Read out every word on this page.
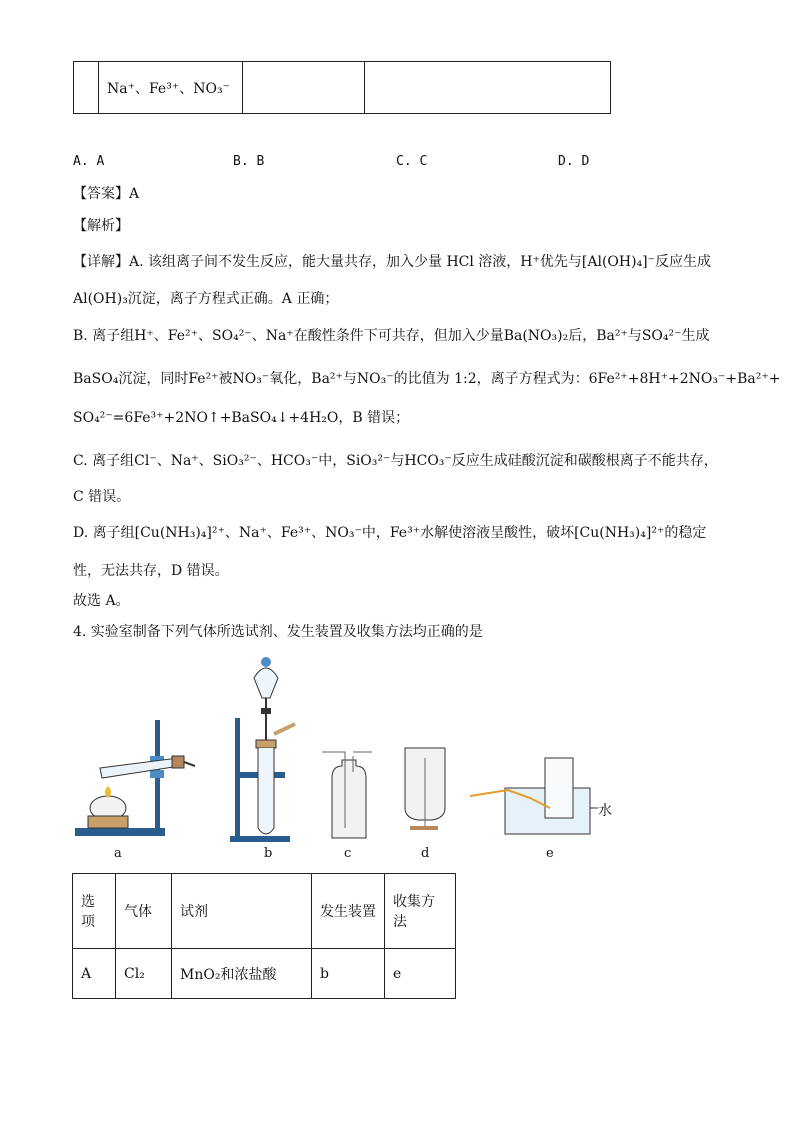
	Na⁺、Fe³⁺、NO₃⁻		
A. A	B. B	C. C	D. D
【答案】A
【解析】
【详解】A. 该组离子间不发生反应，能大量共存，加入少量 HCl 溶液，H⁺优先与[Al(OH)₄]⁻反应生成
Al(OH)₃沉淀，离子方程式正确。A 正确；
B. 离子组H⁺、Fe²⁺、SO₄²⁻、Na⁺在酸性条件下可共存，但加入少量Ba(NO₃)₂后，Ba²⁺与SO₄²⁻生成
BaSO₄沉淀，同时Fe²⁺被NO₃⁻氧化，Ba²⁺与NO₃⁻的比值为 1:2，离子方程式为：6Fe²⁺+8H⁺+2NO₃⁻+Ba²⁺+
SO₄²⁻=6Fe³⁺+2NO↑+BaSO₄↓+4H₂O，B 错误；
C. 离子组Cl⁻、Na⁺、SiO₃²⁻、HCO₃⁻中，SiO₃²⁻与HCO₃⁻反应生成硅酸沉淀和碳酸根离子不能共存，
C 错误。
D. 离子组[Cu(NH₃)₄]²⁺、Na⁺、Fe³⁺、NO₃⁻中，Fe³⁺水解使溶液呈酸性，破坏[Cu(NH₃)₄]²⁺的稳定
性，无法共存，D 错误。
故选 A。
4. 实验室制备下列气体所选试剂、发生装置及收集方法均正确的是
水
a	b	c	d	e
选项	气体	试剂	发生装置	收集方法
A	Cl₂	MnO₂和浓盐酸	b	e
